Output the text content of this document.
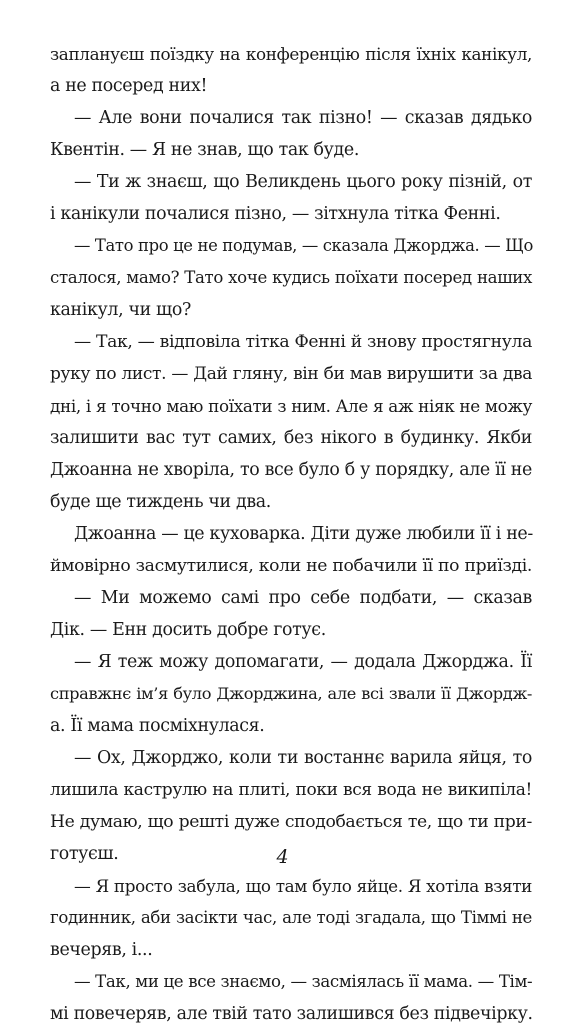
заплануєш поїздку на конференцію після їхніх канікул,
а не посеред них!
— Але вони почалися так пізно! — сказав дядько
Квентін. — Я не знав, що так буде.
— Ти ж знаєш, що Великдень цього року пізній, от
і канікули почалися пізно, — зітхнула тітка Фенні.
— Тато про це не подумав, — сказала Джорджа. — Що
сталося, мамо? Тато хоче кудись поїхати посеред наших
канікул, чи що?
— Так, — відповіла тітка Фенні й знову простягнула
руку по лист. — Дай гляну, він би мав вирушити за два
дні, і я точно маю поїхати з ним. Але я аж ніяк не можу
залишити вас тут самих, без нікого в будинку. Якби
Джоанна не хворіла, то все було б у порядку, але її не
буде ще тиждень чи два.
Джоанна — це куховарка. Діти дуже любили її і не-
ймовірно засмутилися, коли не побачили її по приїзді.
— Ми можемо самі про себе подбати, — сказав
Дік. — Енн досить добре готує.
— Я теж можу допомагати, — додала Джорджа. Її
справжнє ім’я було Джорджина, але всі звали її Джордж-
а. Її мама посміхнулася.
— Ох, Джорджо, коли ти востаннє варила яйця, то
лишила каструлю на плиті, поки вся вода не википіла!
Не думаю, що решті дуже сподобається те, що ти при-
готуєш.
— Я просто забула, що там було яйце. Я хотіла взяти
годинник, аби засікти час, але тоді згадала, що Тіммі не
вечеряв, і...
— Так, ми це все знаємо, — засміялась її мама. — Тім-
мі повечеряв, але твій тато залишився без підвечірку.
4
